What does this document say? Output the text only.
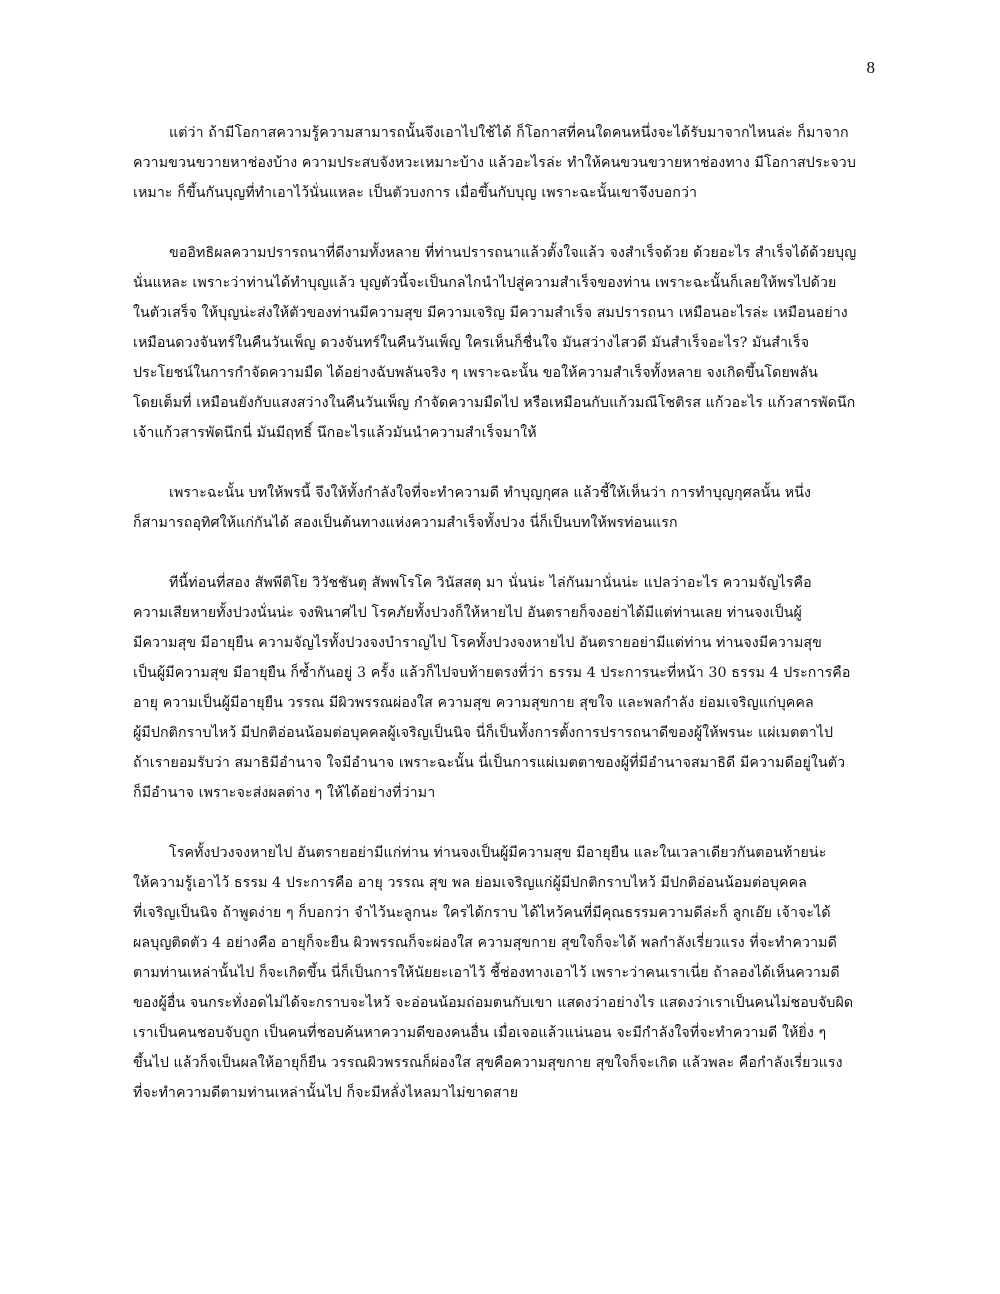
8
แต่ว่า ถ้ามีโอกาสความรู้ความสามารถนั้นจึงเอาไปใช้ได้ ก็โอกาสที่คนใดคนหนึ่งจะได้รับมาจากไหนล่ะ ก็มาจาก
ความขวนขวายหาช่องบ้าง ความประสบจังหวะเหมาะบ้าง แล้วอะไรล่ะ ทำให้คนขวนขวายหาช่องทาง มีโอกาสประจวบ
เหมาะ ก็ขึ้นกันบุญที่ทำเอาไว้นั่นแหละ เป็นตัวบงการ เมื่อขึ้นกับบุญ เพราะฉะนั้นเขาจึงบอกว่า
ขออิทธิผลความปรารถนาที่ดีงามทั้งหลาย ที่ท่านปรารถนาแล้วตั้งใจแล้ว จงสำเร็จด้วย ด้วยอะไร สำเร็จได้ด้วยบุญ
นั่นแหละ เพราะว่าท่านได้ทำบุญแล้ว บุญตัวนี้จะเป็นกลไกนำไปสู่ความสำเร็จของท่าน เพราะฉะนั้นก็เลยให้พรไปด้วย
ในตัวเสร็จ ให้บุญน่ะส่งให้ตัวของท่านมีความสุข มีความเจริญ มีความสำเร็จ สมปรารถนา เหมือนอะไรล่ะ เหมือนอย่าง
เหมือนดวงจันทร์ในคืนวันเพ็ญ ดวงจันทร์ในคืนวันเพ็ญ ใครเห็นก็ชื่นใจ มันสว่างไสวดี มันสำเร็จอะไร? มันสำเร็จ
ประโยชน์ในการกำจัดความมืด ได้อย่างฉับพลันจริง ๆ เพราะฉะนั้น ขอให้ความสำเร็จทั้งหลาย จงเกิดขึ้นโดยพลัน
โดยเต็มที่ เหมือนยังกับแสงสว่างในคืนวันเพ็ญ กำจัดความมืดไป หรือเหมือนกับแก้วมณีโชติรส แก้วอะไร แก้วสารพัดนึก
เจ้าแก้วสารพัดนึกนี่ มันมีฤทธิ์ นึกอะไรแล้วมันนำความสำเร็จมาให้
เพราะฉะนั้น บทให้พรนี้ จึงให้ทั้งกำลังใจที่จะทำความดี ทำบุญกุศล แล้วชี้ให้เห็นว่า การทำบุญกุศลนั้น หนึ่ง
ก็สามารถอุทิศให้แก่กันได้ สองเป็นต้นทางแห่งความสำเร็จทั้งปวง นี่ก็เป็นบทให้พรท่อนแรก
ทีนี้ท่อนที่สอง สัพพีติโย วิวัชชันตุ สัพพโรโค วินัสสตุ มา นั่นน่ะ ไล่กันมานั่นน่ะ แปลว่าอะไร ความจัญไรคือ
ความเสียหายทั้งปวงนั่นน่ะ จงพินาศไป โรคภัยทั้งปวงก็ให้หายไป อันตรายก็จงอย่าได้มีแต่ท่านเลย ท่านจงเป็นผู้
มีความสุข มีอายุยืน ความจัญไรทั้งปวงจงบำราญไป โรคทั้งปวงจงหายไป อันตรายอย่ามีแต่ท่าน ท่านจงมีความสุข
เป็นผู้มีความสุข มีอายุยืน ก็ซ้ำกันอยู่ 3 ครั้ง แล้วก็ไปจบท้ายตรงที่ว่า ธรรม 4 ประการนะที่หน้า 30 ธรรม 4 ประการคือ
อายุ ความเป็นผู้มีอายุยืน วรรณ มีผิวพรรณผ่องใส ความสุข ความสุขกาย สุขใจ และพลกำลัง ย่อมเจริญแก่บุคคล
ผู้มีปกติกราบไหว้ มีปกติอ่อนน้อมต่อบุคคลผู้เจริญเป็นนิจ นี่ก็เป็นทั้งการตั้งการปรารถนาดีของผู้ให้พรนะ แผ่เมตตาไป
ถ้าเรายอมรับว่า สมาธิมีอำนาจ ใจมีอำนาจ เพราะฉะนั้น นี่เป็นการแผ่เมตตาของผู้ที่มีอำนาจสมาธิดี มีความดีอยู่ในตัว
ก็มีอำนาจ เพราะจะส่งผลต่าง ๆ ให้ได้อย่างที่ว่ามา
โรคทั้งปวงจงหายไป อันตรายอย่ามีแก่ท่าน ท่านจงเป็นผู้มีความสุข มีอายุยืน และในเวลาเดียวกันตอนท้ายน่ะ
ให้ความรู้เอาไว้ ธรรม 4 ประการคือ อายุ วรรณ สุข พล ย่อมเจริญแก่ผู้มีปกติกราบไหว้ มีปกติอ่อนน้อมต่อบุคคล
ที่เจริญเป็นนิจ ถ้าพูดง่าย ๆ ก็บอกว่า จำไว้นะลูกนะ ใครได้กราบ ได้ไหว้คนที่มีคุณธรรมความดีล่ะก็ ลูกเอ๊ย เจ้าจะได้
ผลบุญติดตัว 4 อย่างคือ อายุก็จะยืน ผิวพรรณก็จะผ่องใส ความสุขกาย สุขใจก็จะได้ พลกำลังเรี่ยวแรง ที่จะทำความดี
ตามท่านเหล่านั้นไป ก็จะเกิดขึ้น นี่ก็เป็นการให้นัยยะเอาไว้ ชี้ช่องทางเอาไว้ เพราะว่าคนเราเนี่ย ถ้าลองได้เห็นความดี
ของผู้อื่น จนกระทั่งอดไม่ได้จะกราบจะไหว้ จะอ่อนน้อมถ่อมตนกับเขา แสดงว่าอย่างไร แสดงว่าเราเป็นคนไม่ชอบจับผิด
เราเป็นคนชอบจับถูก เป็นคนที่ชอบค้นหาความดีของคนอื่น เมื่อเจอแล้วแน่นอน จะมีกำลังใจที่จะทำความดี ให้ยิ่ง ๆ
ขึ้นไป แล้วก็จเป็นผลให้อายุก็ยืน วรรณผิวพรรณก็ผ่องใส สุขคือความสุขกาย สุขใจก็จะเกิด แล้วพละ คือกำลังเรี่ยวแรง
ที่จะทำความดีตามท่านเหล่านั้นไป ก็จะมีหลั่งไหลมาไม่ขาดสาย
